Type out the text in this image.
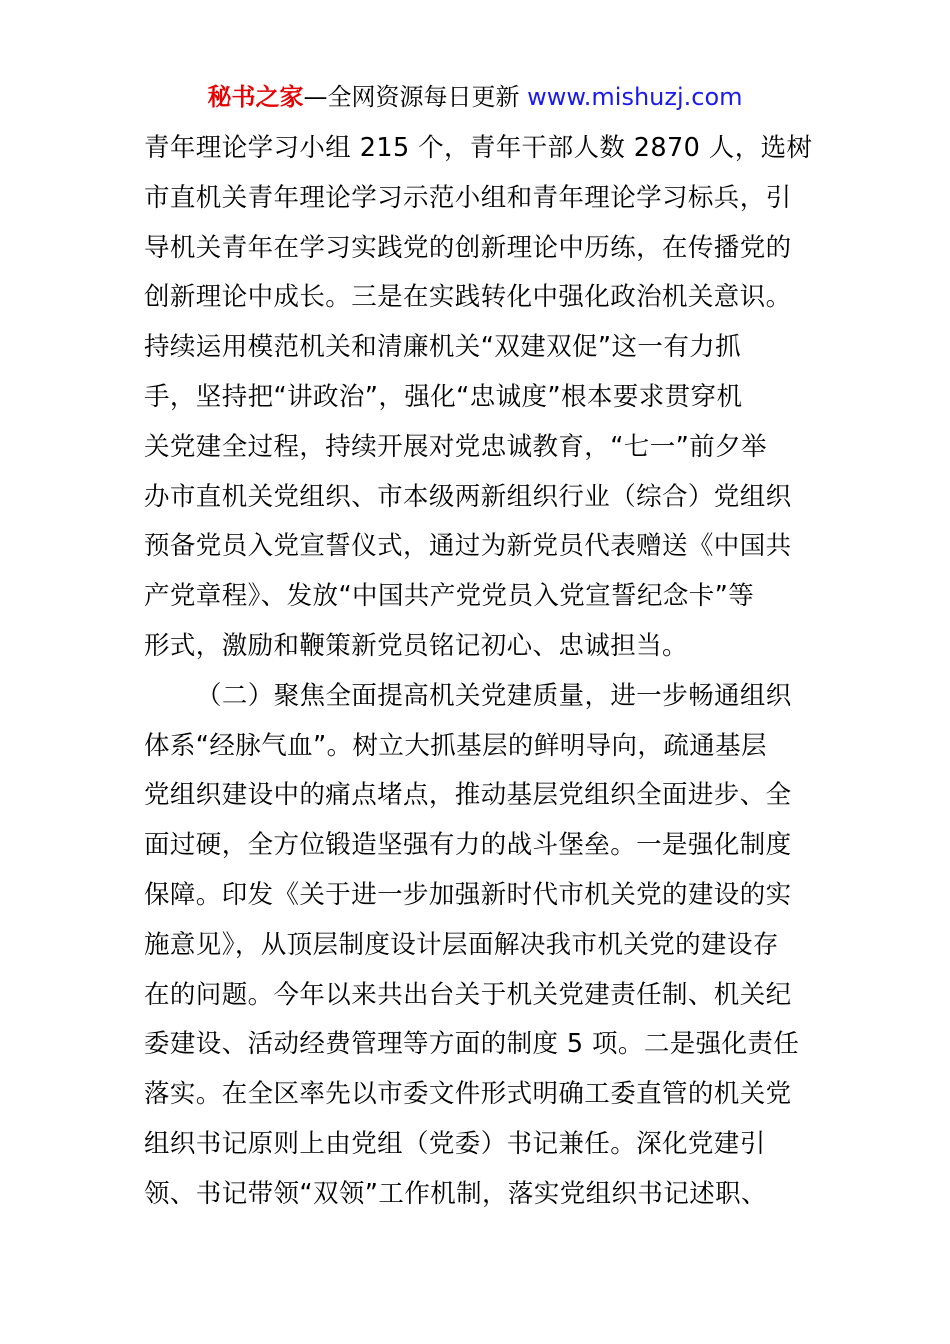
秘书之家—全网资源每日更新 www.mishuzj.com
青年理论学习小组 215 个，青年干部人数 2870 人，选树
市直机关青年理论学习示范小组和青年理论学习标兵，引
导机关青年在学习实践党的创新理论中历练，在传播党的
创新理论中成长。三是在实践转化中强化政治机关意识。
持续运用模范机关和清廉机关“双建双促”这一有力抓
手，坚持把“讲政治”，强化“忠诚度”根本要求贯穿机
关党建全过程，持续开展对党忠诚教育，“七一”前夕举
办市直机关党组织、市本级两新组织行业（综合）党组织
预备党员入党宣誓仪式，通过为新党员代表赠送《中国共
产党章程》、发放“中国共产党党员入党宣誓纪念卡”等
形式，激励和鞭策新党员铭记初心、忠诚担当。
（二）聚焦全面提高机关党建质量，进一步畅通组织
体系“经脉气血”。树立大抓基层的鲜明导向，疏通基层
党组织建设中的痛点堵点，推动基层党组织全面进步、全
面过硬，全方位锻造坚强有力的战斗堡垒。一是强化制度
保障。印发《关于进一步加强新时代市机关党的建设的实
施意见》，从顶层制度设计层面解决我市机关党的建设存
在的问题。今年以来共出台关于机关党建责任制、机关纪
委建设、活动经费管理等方面的制度 5 项。二是强化责任
落实。在全区率先以市委文件形式明确工委直管的机关党
组织书记原则上由党组（党委）书记兼任。深化党建引
领、书记带领“双领”工作机制，落实党组织书记述职、
